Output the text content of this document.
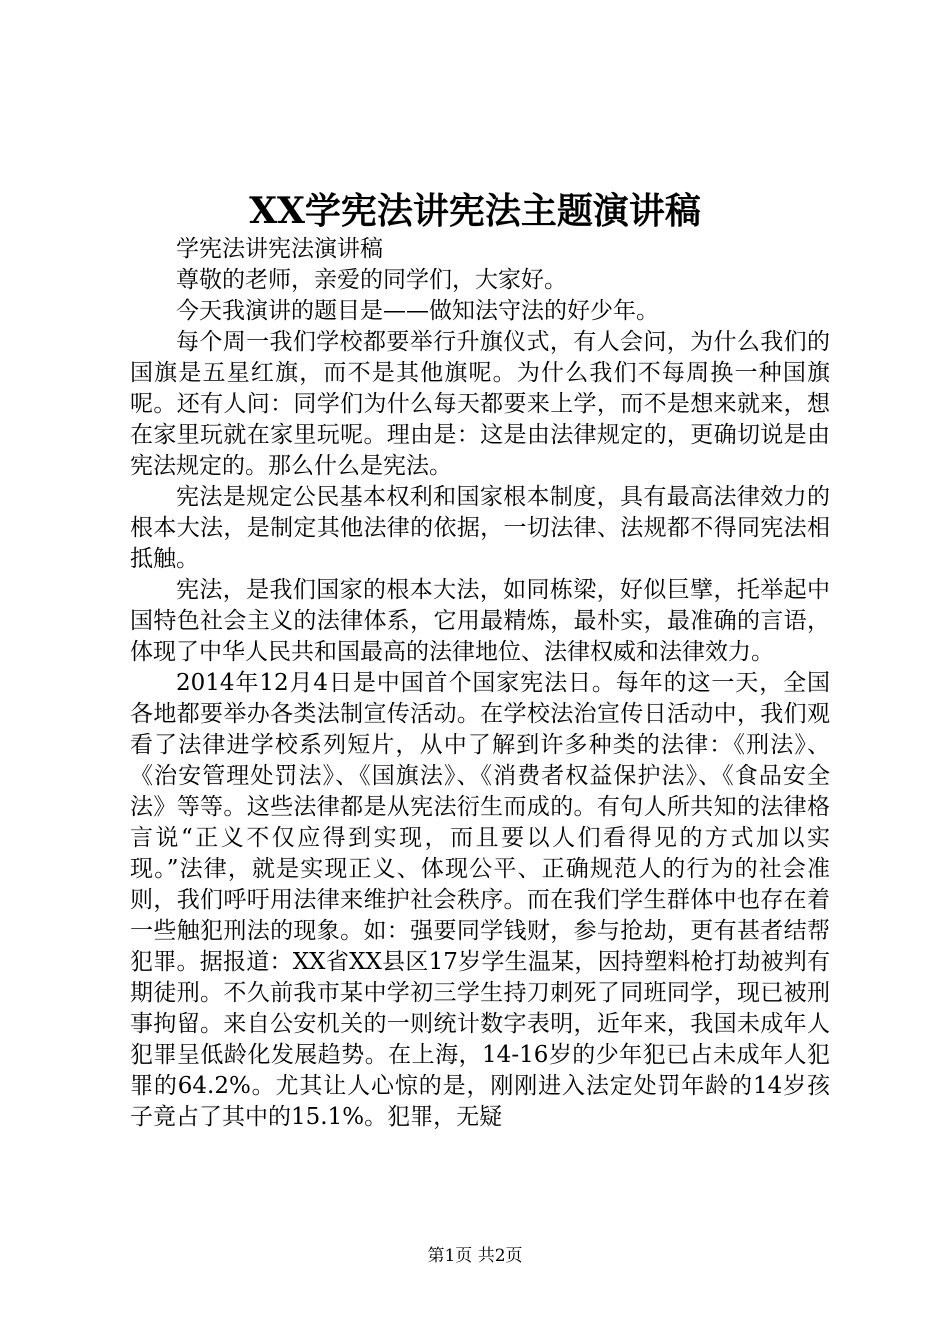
XX学宪法讲宪法主题演讲稿

学宪法讲宪法演讲稿

尊敬的老师，亲爱的同学们，大家好。

今天我演讲的题目是——做知法守法的好少年。

每个周一我们学校都要举行升旗仪式，有人会问，为什么我们的国旗是五星红旗，而不是其他旗呢。为什么我们不每周换一种国旗呢。还有人问：同学们为什么每天都要来上学，而不是想来就来，想在家里玩就在家里玩呢。理由是：这是由法律规定的，更确切说是由宪法规定的。那么什么是宪法。

宪法是规定公民基本权利和国家根本制度，具有最高法律效力的根本大法，是制定其他法律的依据，一切法律、法规都不得同宪法相抵触。

宪法，是我们国家的根本大法，如同栋梁，好似巨擘，托举起中国特色社会主义的法律体系，它用最精炼，最朴实，最准确的言语，体现了中华人民共和国最高的法律地位、法律权威和法律效力。

2014年12月4日是中国首个国家宪法日。每年的这一天，全国各地都要举办各类法制宣传活动。在学校法治宣传日活动中，我们观看了法律进学校系列短片，从中了解到许多种类的法律：《刑法》、《治安管理处罚法》、《国旗法》、《消费者权益保护法》、《食品安全法》等等。这些法律都是从宪法衍生而成的。有句人所共知的法律格言说“正义不仅应得到实现，而且要以人们看得见的方式加以实现。”法律，就是实现正义、体现公平、正确规范人的行为的社会准则，我们呼吁用法律来维护社会秩序。而在我们学生群体中也存在着一些触犯刑法的现象。如：强要同学钱财，参与抢劫，更有甚者结帮犯罪。据报道：XX省XX县区17岁学生温某，因持塑料枪打劫被判有期徒刑。不久前我市某中学初三学生持刀刺死了同班同学，现已被刑事拘留。来自公安机关的一则统计数字表明，近年来，我国未成年人犯罪呈低龄化发展趋势。在上海，14-16岁的少年犯已占未成年人犯罪的64.2%。尤其让人心惊的是，刚刚进入法定处罚年龄的14岁孩子竟占了其中的15.1%。犯罪，无疑

第1页 共2页
